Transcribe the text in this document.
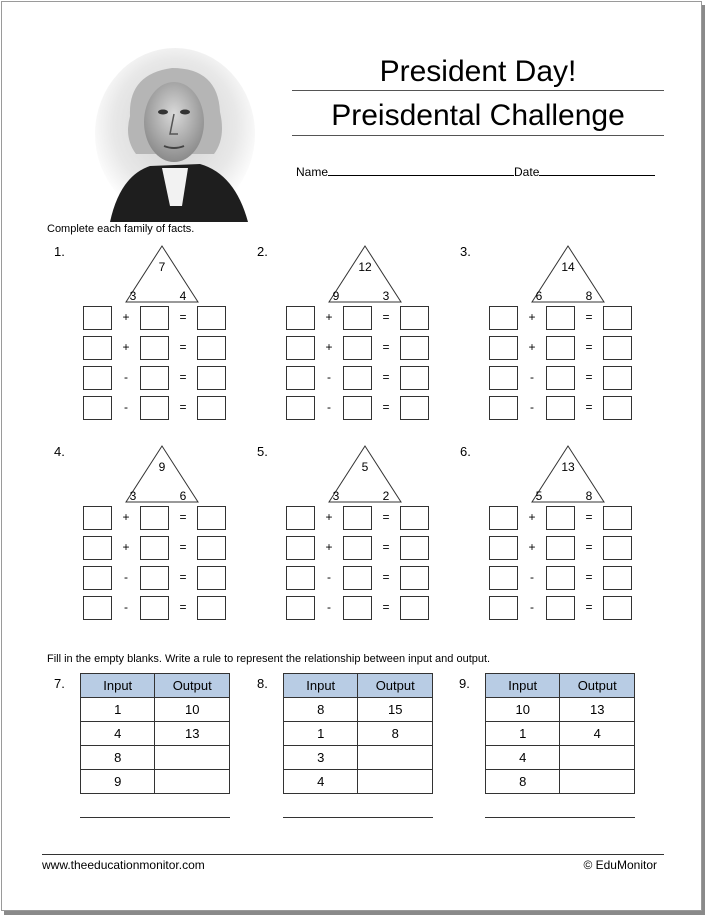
President Day!
Preisdental Challenge
Name	Date
Complete each family of facts.
1.
7
3	4
+	=
+	=
-	=
-	=
2.
12
9	3
+	=
+	=
-	=
-	=
3.
14
6	8
+	=
+	=
-	=
-	=
4.
9
3	6
+	=
+	=
-	=
-	=
5.
5
3	2
+	=
+	=
-	=
-	=
6.
13
5	8
+	=
+	=
-	=
-	=
Fill in the empty blanks. Write a rule to represent the relationship between input and output.
7.	Input	Output
1	10
4	13
8	
9	
8.	Input	Output
8	15
1	8
3	
4	
9.	Input	Output
10	13
1	4
4	
8	
www.theeducationmonitor.com	© EduMonitor
